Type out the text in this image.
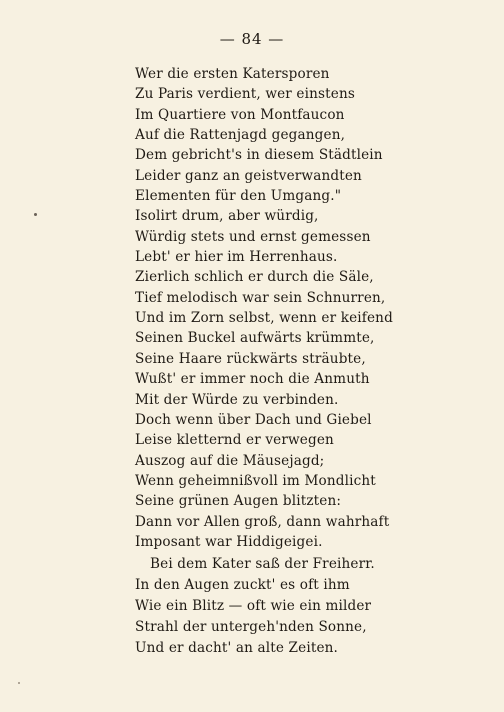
— 84 —
Wer die ersten Katersporen
Zu Paris verdient, wer einstens
Im Quartiere von Montfaucon
Auf die Rattenjagd gegangen,
Dem gebricht's in diesem Städtlein
Leider ganz an geistverwandten
Elementen für den Umgang."
Isolirt drum, aber würdig,
Würdig stets und ernst gemessen
Lebt' er hier im Herrenhaus.
Zierlich schlich er durch die Säle,
Tief melodisch war sein Schnurren,
Und im Zorn selbst, wenn er keifend
Seinen Buckel aufwärts krümmte,
Seine Haare rückwärts sträubte,
Wußt' er immer noch die Anmuth
Mit der Würde zu verbinden.
Doch wenn über Dach und Giebel
Leise kletternd er verwegen
Auszog auf die Mäusejagd;
Wenn geheimnißvoll im Mondlicht
Seine grünen Augen blitzten:
Dann vor Allen groß, dann wahrhaft
Imposant war Hiddigeigei.
Bei dem Kater saß der Freiherr.
In den Augen zuckt' es oft ihm
Wie ein Blitz — oft wie ein milder
Strahl der untergeh'nden Sonne,
Und er dacht' an alte Zeiten.
